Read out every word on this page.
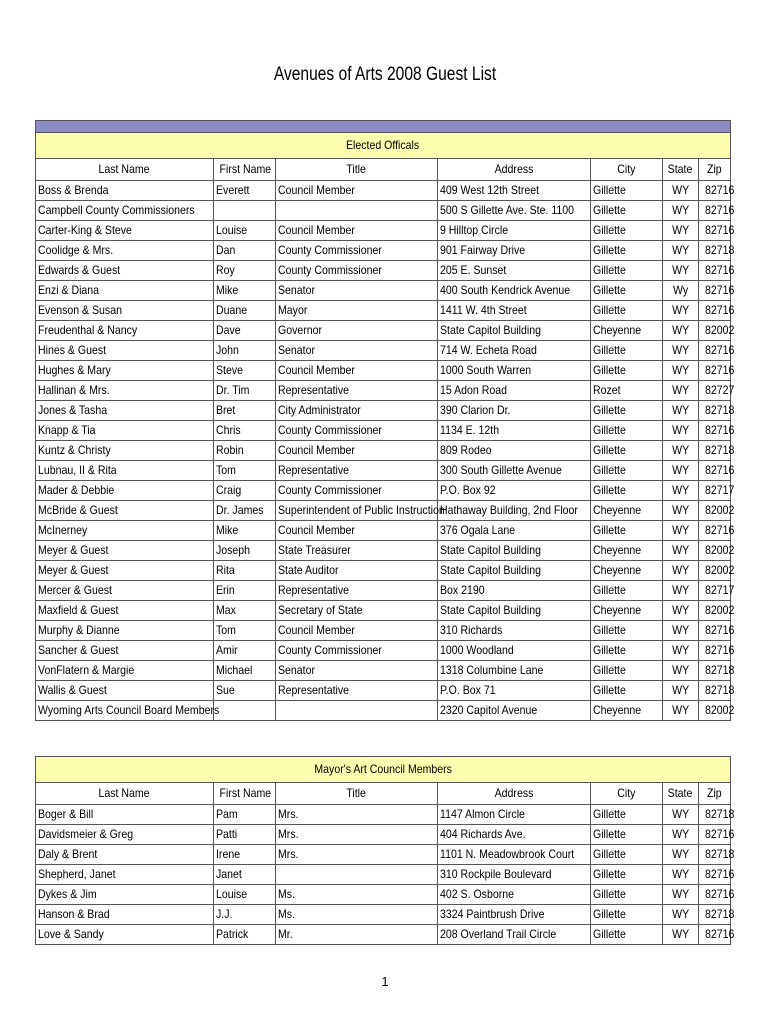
Avenues of Arts 2008 Guest List

Elected Officals						
Last Name	First Name	Title	Address	City	State	Zip
Boss & Brenda	Everett	Council Member	409 West 12th Street	Gillette	WY	82716
Campbell County Commissioners			500 S Gillette Ave. Ste. 1100	Gillette	WY	82716
Carter-King & Steve	Louise	Council Member	9 Hilltop Circle	Gillette	WY	82716
Coolidge & Mrs.	Dan	County Commissioner	901 Fairway Drive	Gillette	WY	82718
Edwards & Guest	Roy	County Commissioner	205 E. Sunset	Gillette	WY	82716
Enzi & Diana	Mike	Senator	400 South Kendrick Avenue	Gillette	Wy	82716
Evenson & Susan	Duane	Mayor	1411 W. 4th Street	Gillette	WY	82716
Freudenthal & Nancy	Dave	Governor	State Capitol Building	Cheyenne	WY	82002
Hines & Guest	John	Senator	714 W. Echeta Road	Gillette	WY	82716
Hughes & Mary	Steve	Council Member	1000 South Warren	Gillette	WY	82716
Hallinan & Mrs.	Dr. Tim	Representative	15 Adon Road	Rozet	WY	82727
Jones & Tasha	Bret	City Administrator	390 Clarion Dr.	Gillette	WY	82718
Knapp & Tia	Chris	County Commissioner	1134 E. 12th	Gillette	WY	82716
Kuntz & Christy	Robin	Council Member	809 Rodeo	Gillette	WY	82718
Lubnau, II & Rita	Tom	Representative	300 South Gillette Avenue	Gillette	WY	82716
Mader & Debbie	Craig	County Commissioner	P.O. Box 92	Gillette	WY	82717
McBride & Guest	Dr. James	Superintendent of Public Instruction	Hathaway Building, 2nd Floor	Cheyenne	WY	82002
McInerney	Mike	Council Member	376 Ogala Lane	Gillette	WY	82716
Meyer & Guest	Joseph	State Treasurer	State Capitol Building	Cheyenne	WY	82002
Meyer & Guest	Rita	State Auditor	State Capitol Building	Cheyenne	WY	82002
Mercer & Guest	Erin	Representative	Box 2190	Gillette	WY	82717
Maxfield & Guest	Max	Secretary of State	State Capitol Building	Cheyenne	WY	82002
Murphy & Dianne	Tom	Council Member	310 Richards	Gillette	WY	82716
Sancher & Guest	Amir	County Commissioner	1000 Woodland	Gillette	WY	82716
VonFlatern & Margie	Michael	Senator	1318 Columbine Lane	Gillette	WY	82718
Wallis & Guest	Sue	Representative	P.O. Box 71	Gillette	WY	82718
Wyoming Arts Council Board Members			2320 Capitol Avenue	Cheyenne	WY	82002
Mayor's Art Council Members						
Last Name	First Name	Title	Address	City	State	Zip
Boger & Bill	Pam	Mrs.	1147 Almon Circle	Gillette	WY	82718
Davidsmeier & Greg	Patti	Mrs.	404 Richards Ave.	Gillette	WY	82716
Daly & Brent	Irene	Mrs.	1101 N. Meadowbrook Court	Gillette	WY	82718
Shepherd, Janet	Janet		310 Rockpile Boulevard	Gillette	WY	82716
Dykes & Jim	Louise	Ms.	402 S. Osborne	Gillette	WY	82716
Hanson & Brad	J.J.	Ms.	3324 Paintbrush Drive	Gillette	WY	82718
Love & Sandy	Patrick	Mr.	208 Overland Trail Circle	Gillette	WY	82716
1
